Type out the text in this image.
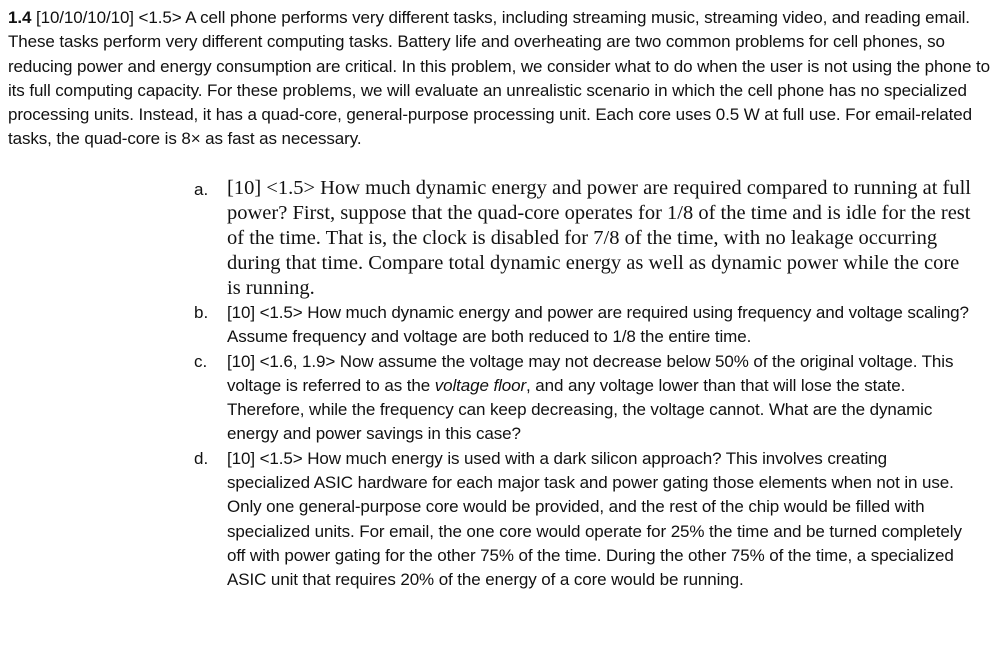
1.4 [10/10/10/10] <1.5> A cell phone performs very different tasks, including streaming music, streaming video, and reading email. These tasks perform very different computing tasks. Battery life and overheating are two common problems for cell phones, so reducing power and energy consumption are critical. In this problem, we consider what to do when the user is not using the phone to its full computing capacity. For these problems, we will evaluate an unrealistic scenario in which the cell phone has no specialized processing units. Instead, it has a quad-core, general-purpose processing unit. Each core uses 0.5 W at full use. For email-related tasks, the quad-core is 8× as fast as necessary.

a. [10] <1.5> How much dynamic energy and power are required compared to running at full power? First, suppose that the quad-core operates for 1/8 of the time and is idle for the rest of the time. That is, the clock is disabled for 7/8 of the time, with no leakage occurring during that time. Compare total dynamic energy as well as dynamic power while the core is running.

b.	[10] <1.5> How much dynamic energy and power are required using frequency and voltage scaling? Assume frequency and voltage are both reduced to 1/8 the entire time.

c.	[10] <1.6, 1.9> Now assume the voltage may not decrease below 50% of the original voltage. This voltage is referred to as the voltage floor, and any voltage lower than that will lose the state. Therefore, while the frequency can keep decreasing, the voltage cannot. What are the dynamic energy and power savings in this case?

d.	[10] <1.5> How much energy is used with a dark silicon approach? This involves creating specialized ASIC hardware for each major task and power gating those elements when not in use. Only one general-purpose core would be provided, and the rest of the chip would be filled with specialized units. For email, the one core would operate for 25% the time and be turned completely off with power gating for the other 75% of the time. During the other 75% of the time, a specialized ASIC unit that requires 20% of the energy of a core would be running.
